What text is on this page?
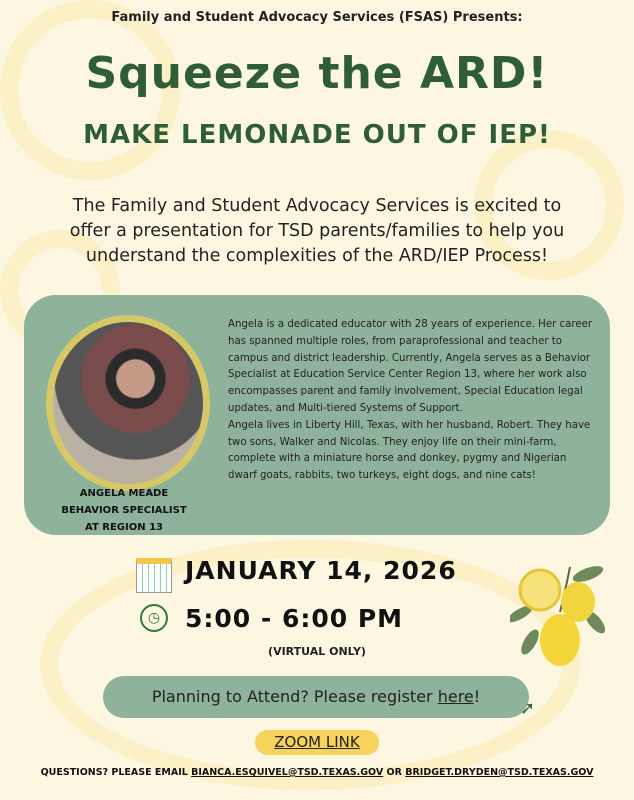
Family and Student Advocacy Services (FSAS) Presents:
Squeeze the ARD!
MAKE LEMONADE OUT OF IEP!
The Family and Student Advocacy Services is excited to offer a presentation for TSD parents/families to help you understand the complexities of the ARD/IEP Process!
ANGELA MEADE
BEHAVIOR SPECIALIST
AT REGION 13
Angela is a dedicated educator with 28 years of experience. Her career has spanned multiple roles, from paraprofessional and teacher to campus and district leadership. Currently, Angela serves as a Behavior Specialist at Education Service Center Region 13, where her work also encompasses parent and family involvement, Special Education legal updates, and Multi-tiered Systems of Support.
Angela lives in Liberty Hill, Texas, with her husband, Robert. They have two sons, Walker and Nicolas. They enjoy life on their mini-farm, complete with a miniature horse and donkey, pygmy and Nigerian dwarf goats, rabbits, two turkeys, eight dogs, and nine cats!
JANUARY 14, 2026
◷ 5:00 - 6:00 PM
(VIRTUAL ONLY)
Planning to Attend? Please register here!
➚
ZOOM LINK
QUESTIONS? PLEASE EMAIL BIANCA.ESQUIVEL@TSD.TEXAS.GOV OR BRIDGET.DRYDEN@TSD.TEXAS.GOV
